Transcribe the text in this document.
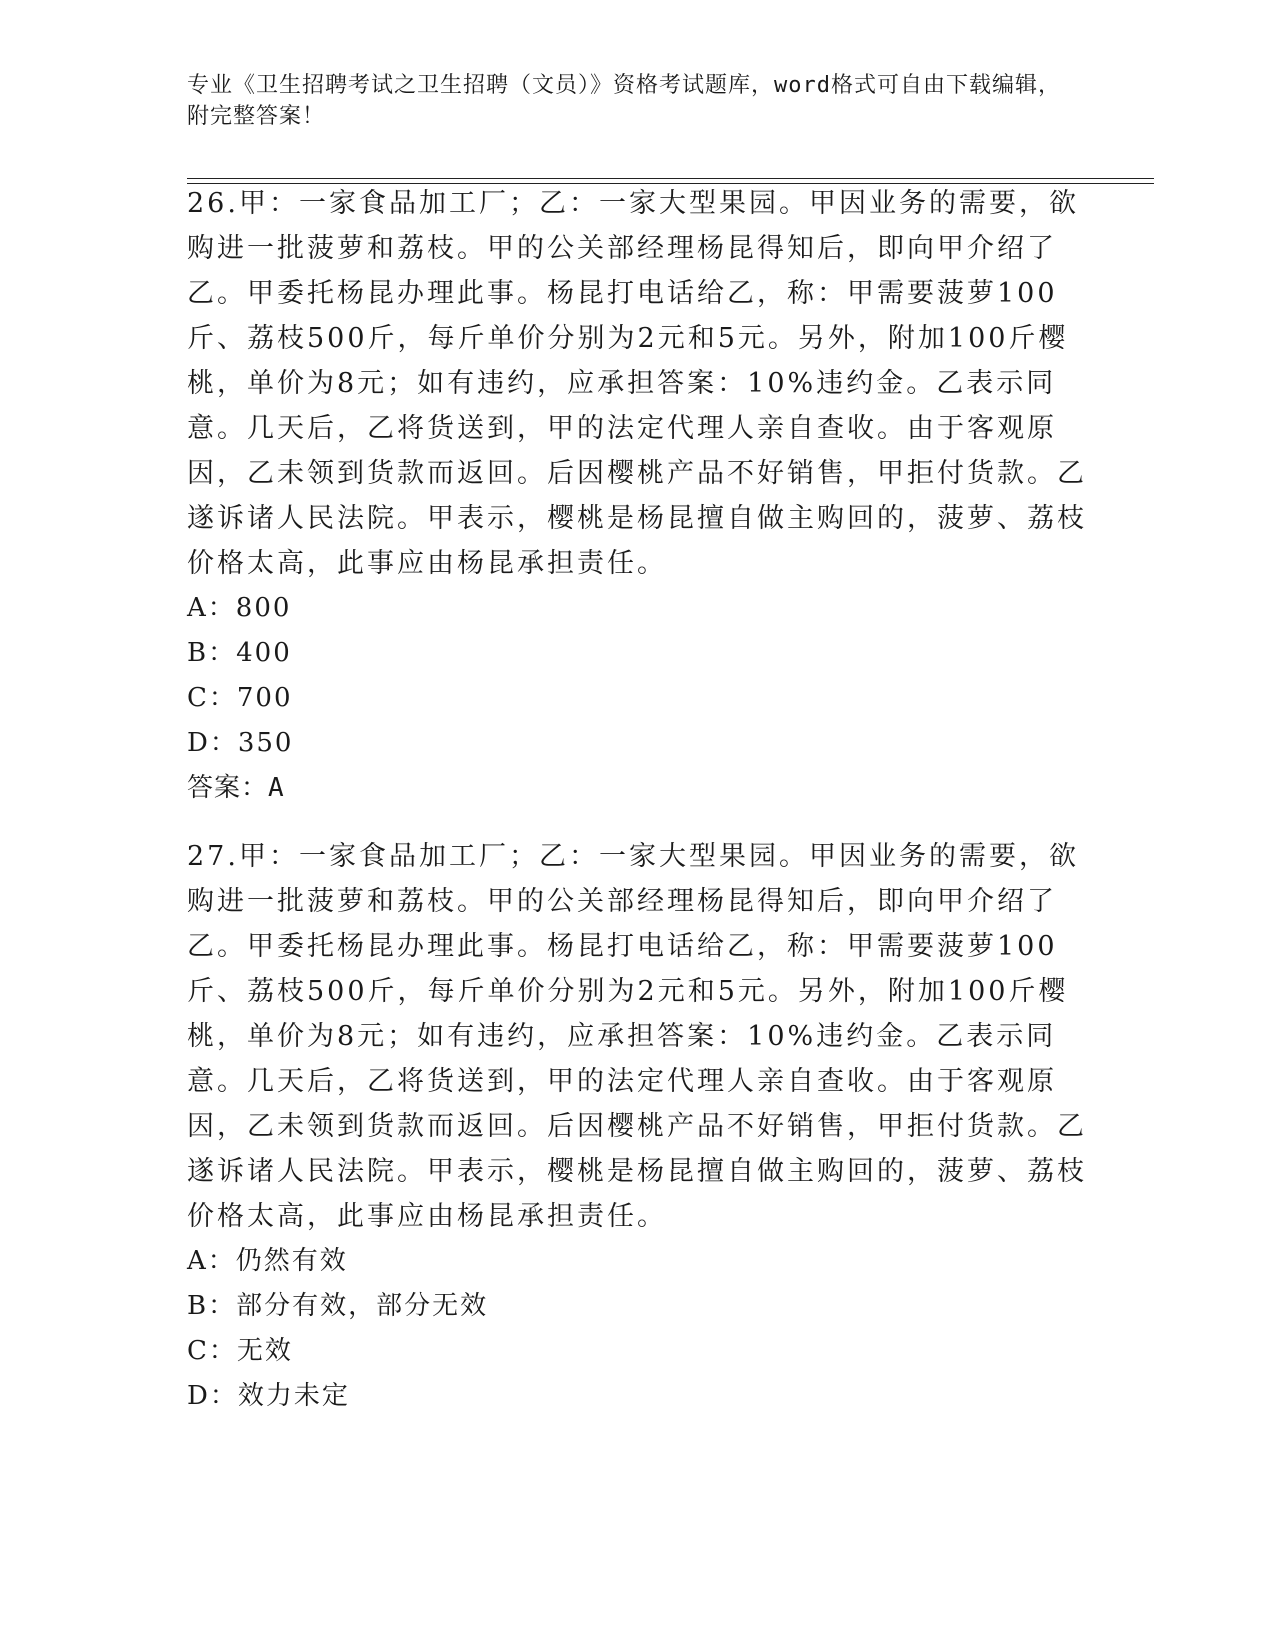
专业《卫生招聘考试之卫生招聘（文员）》资格考试题库，word格式可自由下载编辑，附完整答案！

26.甲：一家食品加工厂；乙：一家大型果园。甲因业务的需要，欲购进一批菠萝和荔枝。甲的公关部经理杨昆得知后，即向甲介绍了乙。甲委托杨昆办理此事。杨昆打电话给乙，称：甲需要菠萝100斤、荔枝500斤，每斤单价分别为2元和5元。另外，附加100斤樱桃，单价为8元；如有违约，应承担答案：10%违约金。乙表示同意。几天后，乙将货送到，甲的法定代理人亲自查收。由于客观原因，乙未领到货款而返回。后因樱桃产品不好销售，甲拒付货款。乙遂诉诸人民法院。甲表示，樱桃是杨昆擅自做主购回的，菠萝、荔枝价格太高，此事应由杨昆承担责任。

A：800
B：400
C：700
D：350
答案：A

27.甲：一家食品加工厂；乙：一家大型果园。甲因业务的需要，欲购进一批菠萝和荔枝。甲的公关部经理杨昆得知后，即向甲介绍了乙。甲委托杨昆办理此事。杨昆打电话给乙，称：甲需要菠萝100斤、荔枝500斤，每斤单价分别为2元和5元。另外，附加100斤樱桃，单价为8元；如有违约，应承担答案：10%违约金。乙表示同意。几天后，乙将货送到，甲的法定代理人亲自查收。由于客观原因，乙未领到货款而返回。后因樱桃产品不好销售，甲拒付货款。乙遂诉诸人民法院。甲表示，樱桃是杨昆擅自做主购回的，菠萝、荔枝价格太高，此事应由杨昆承担责任。

A：仍然有效
B：部分有效，部分无效
C：无效
D：效力未定
